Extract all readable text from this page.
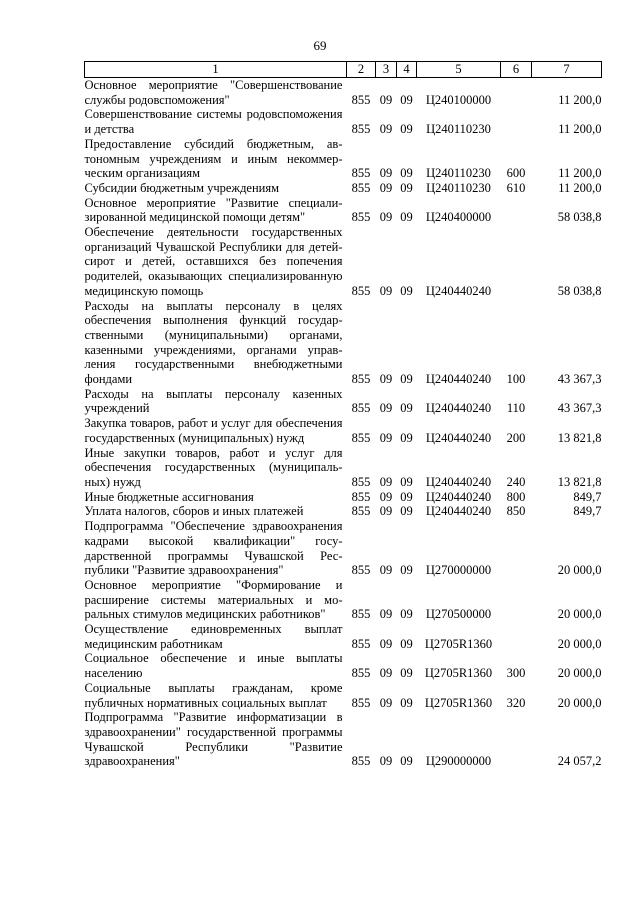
69
1	2	3	4	5	6	7
Основное мероприятие "Совершенствование службы родовспоможения"	855	09	09	Ц240100000		11 200,0
Совершенствование системы родовспоможения и детства	855	09	09	Ц240110230		11 200,0
Предоставление субсидий бюджетным, автономным учреждениям и иным некоммерческим организациям	855	09	09	Ц240110230	600	11 200,0
Субсидии бюджетным учреждениям	855	09	09	Ц240110230	610	11 200,0
Основное мероприятие "Развитие специализированной медицинской помощи детям"	855	09	09	Ц240400000		58 038,8
Обеспечение деятельности государственных организаций Чувашской Республики для детей-сирот и детей, оставшихся без попечения родителей, оказывающих специализированную медицинскую помощь	855	09	09	Ц240440240		58 038,8
Расходы на выплаты персоналу в целях обеспечения выполнения функций государственными (муниципальными) органами, казенными учреждениями, органами управления государственными внебюджетными фондами	855	09	09	Ц240440240	100	43 367,3
Расходы на выплаты персоналу казенных учреждений	855	09	09	Ц240440240	110	43 367,3
Закупка товаров, работ и услуг для обеспечения государственных (муниципальных) нужд	855	09	09	Ц240440240	200	13 821,8
Иные закупки товаров, работ и услуг для обеспечения государственных (муниципальных) нужд	855	09	09	Ц240440240	240	13 821,8
Иные бюджетные ассигнования	855	09	09	Ц240440240	800	849,7
Уплата налогов, сборов и иных платежей	855	09	09	Ц240440240	850	849,7
Подпрограмма "Обеспечение здравоохранения кадрами высокой квалификации" государственной программы Чувашской Республики "Развитие здравоохранения"	855	09	09	Ц270000000		20 000,0
Основное мероприятие "Формирование и расширение системы материальных и моральных стимулов медицинских работников"	855	09	09	Ц270500000		20 000,0
Осуществление единовременных выплат медицинским работникам	855	09	09	Ц2705R1360		20 000,0
Социальное обеспечение и иные выплаты населению	855	09	09	Ц2705R1360	300	20 000,0
Социальные выплаты гражданам, кроме публичных нормативных социальных выплат	855	09	09	Ц2705R1360	320	20 000,0
Подпрограмма "Развитие информатизации в здравоохранении" государственной программы Чувашской Республики "Развитие здравоохранения"	855	09	09	Ц290000000		24 057,2
